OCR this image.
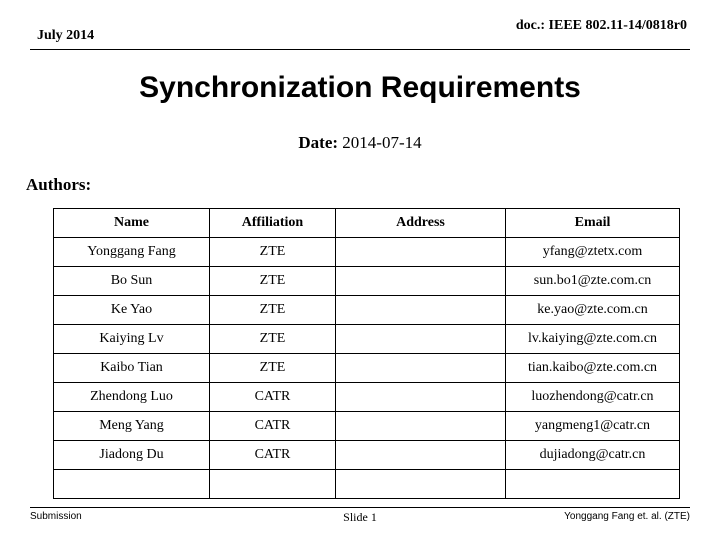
July 2014
doc.: IEEE 802.11-14/0818r0
Synchronization Requirements
Date: 2014-07-14
Authors:
Name	Affiliation	Address	Email
Yonggang Fang	ZTE		yfang@ztetx.com
Bo Sun	ZTE		sun.bo1@zte.com.cn
Ke Yao	ZTE		ke.yao@zte.com.cn
Kaiying Lv	ZTE		lv.kaiying@zte.com.cn
Kaibo Tian	ZTE		tian.kaibo@zte.com.cn
Zhendong Luo	CATR		luozhendong@catr.cn
Meng Yang	CATR		yangmeng1@catr.cn
Jiadong Du	CATR		dujiadong@catr.cn

Submission	Slide 1	Yonggang Fang et. al. (ZTE)
